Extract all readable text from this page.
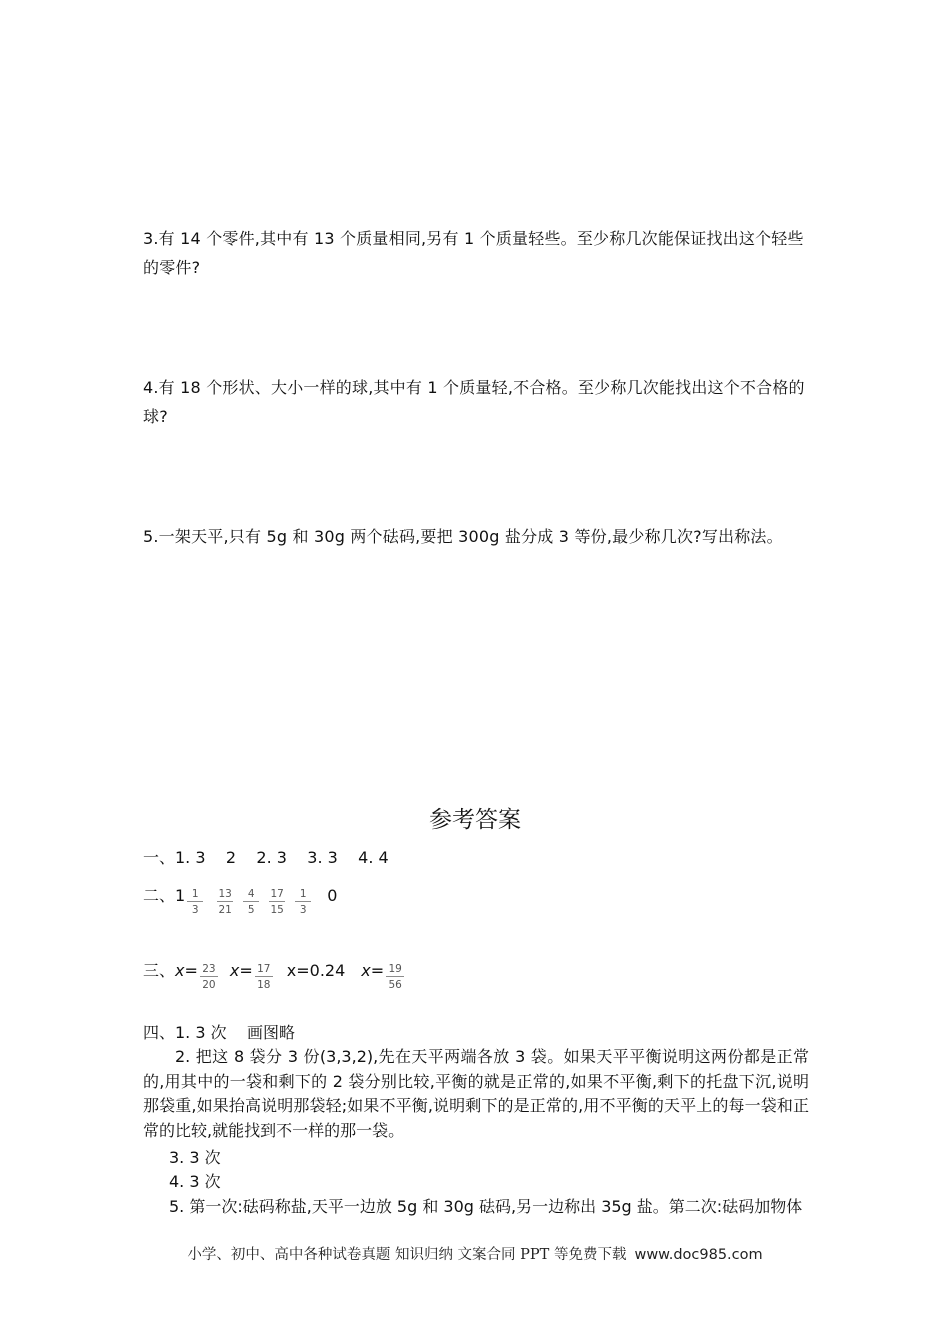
3.有 14 个零件,其中有 13 个质量相同,另有 1 个质量轻些。至少称几次能保证找出这个轻些的零件?
4.有 18 个形状、大小一样的球,其中有 1 个质量轻,不合格。至少称几次能找出这个不合格的球?
5.一架天平,只有 5g 和 30g 两个砝码,要把 300g 盐分成 3 等份,最少称几次?写出称法。
参考答案
一、1. 3    2    2. 3    3. 3    4. 4
二、$1 \frac{1}{3} \frac{13}{21} \frac{4}{5} \frac{17}{15} \frac{1}{3} 0$
三、$x= \frac{23}{20} x= \frac{17}{18} x=0.24$ $x= \frac{19}{56}$
四、1. 3 次    画图略
2. 把这 8 袋分 3 份(3,3,2),先在天平两端各放 3 袋。如果天平平衡说明这两份都是正常的,用其中的一袋和剩下的 2 袋分别比较,平衡的就是正常的,如果不平衡,剩下的托盘下沉,说明那袋重,如果抬高说明那袋轻;如果不平衡,说明剩下的是正常的,用不平衡的天平上的每一袋和正常的比较,就能找到不一样的那一袋。
3. 3 次
4. 3 次
5. 第一次:砝码称盐,天平一边放 5g 和 30g 砝码,另一边称出 35g 盐。第二次:砝码加物体
小学、初中、高中各种试卷真题 知识归纳 文案合同 PPT 等免费下载 www.doc985.com
